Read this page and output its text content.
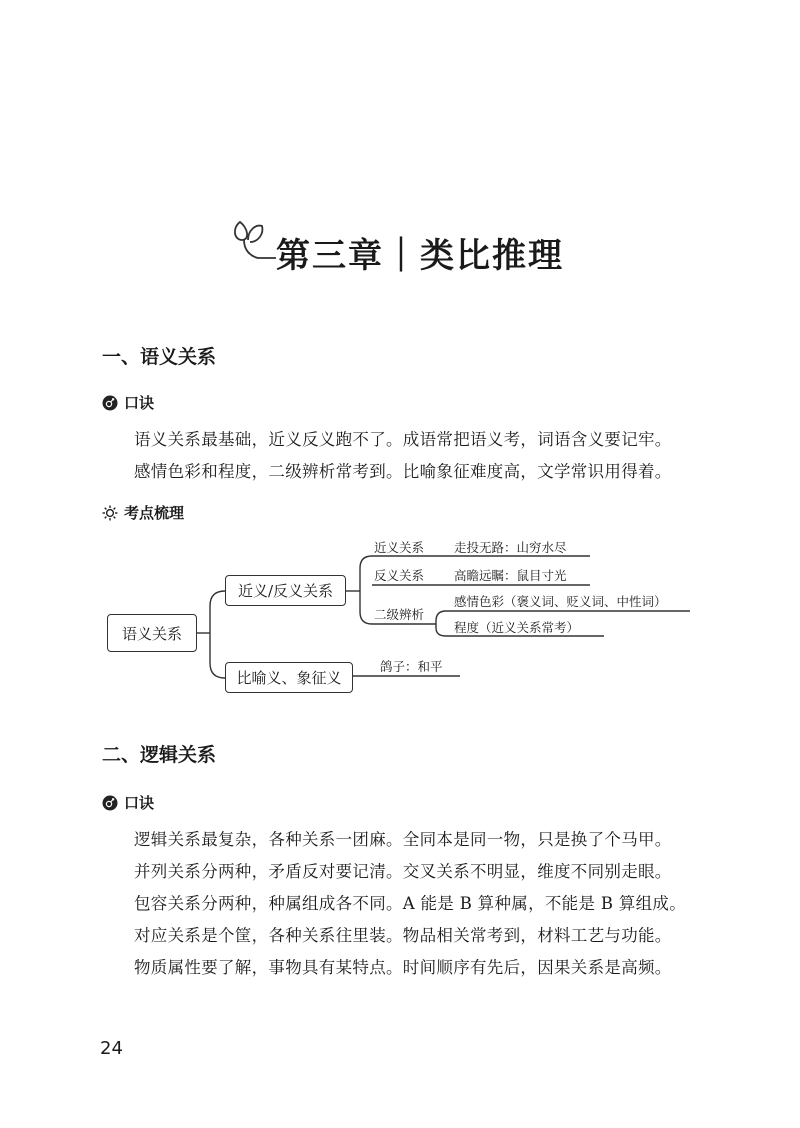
第三章｜类比推理
一、语义关系
口诀
语义关系最基础，近义反义跑不了。成语常把语义考，词语含义要记牢。
感情色彩和程度，二级辨析常考到。比喻象征难度高，文学常识用得着。
考点梳理
语义关系
近义/反义关系
比喻义、象征义
近义关系 走投无路：山穷水尽
反义关系 高瞻远瞩：鼠目寸光
二级辨析
感情色彩（褒义词、贬义词、中性词）
程度（近义关系常考）
鸽子：和平
二、逻辑关系
口诀
逻辑关系最复杂，各种关系一团麻。全同本是同一物，只是换了个马甲。
并列关系分两种，矛盾反对要记清。交叉关系不明显，维度不同别走眼。
包容关系分两种，种属组成各不同。A 能是 B 算种属，不能是 B 算组成。
对应关系是个筐，各种关系往里装。物品相关常考到，材料工艺与功能。
物质属性要了解，事物具有某特点。时间顺序有先后，因果关系是高频。
24
